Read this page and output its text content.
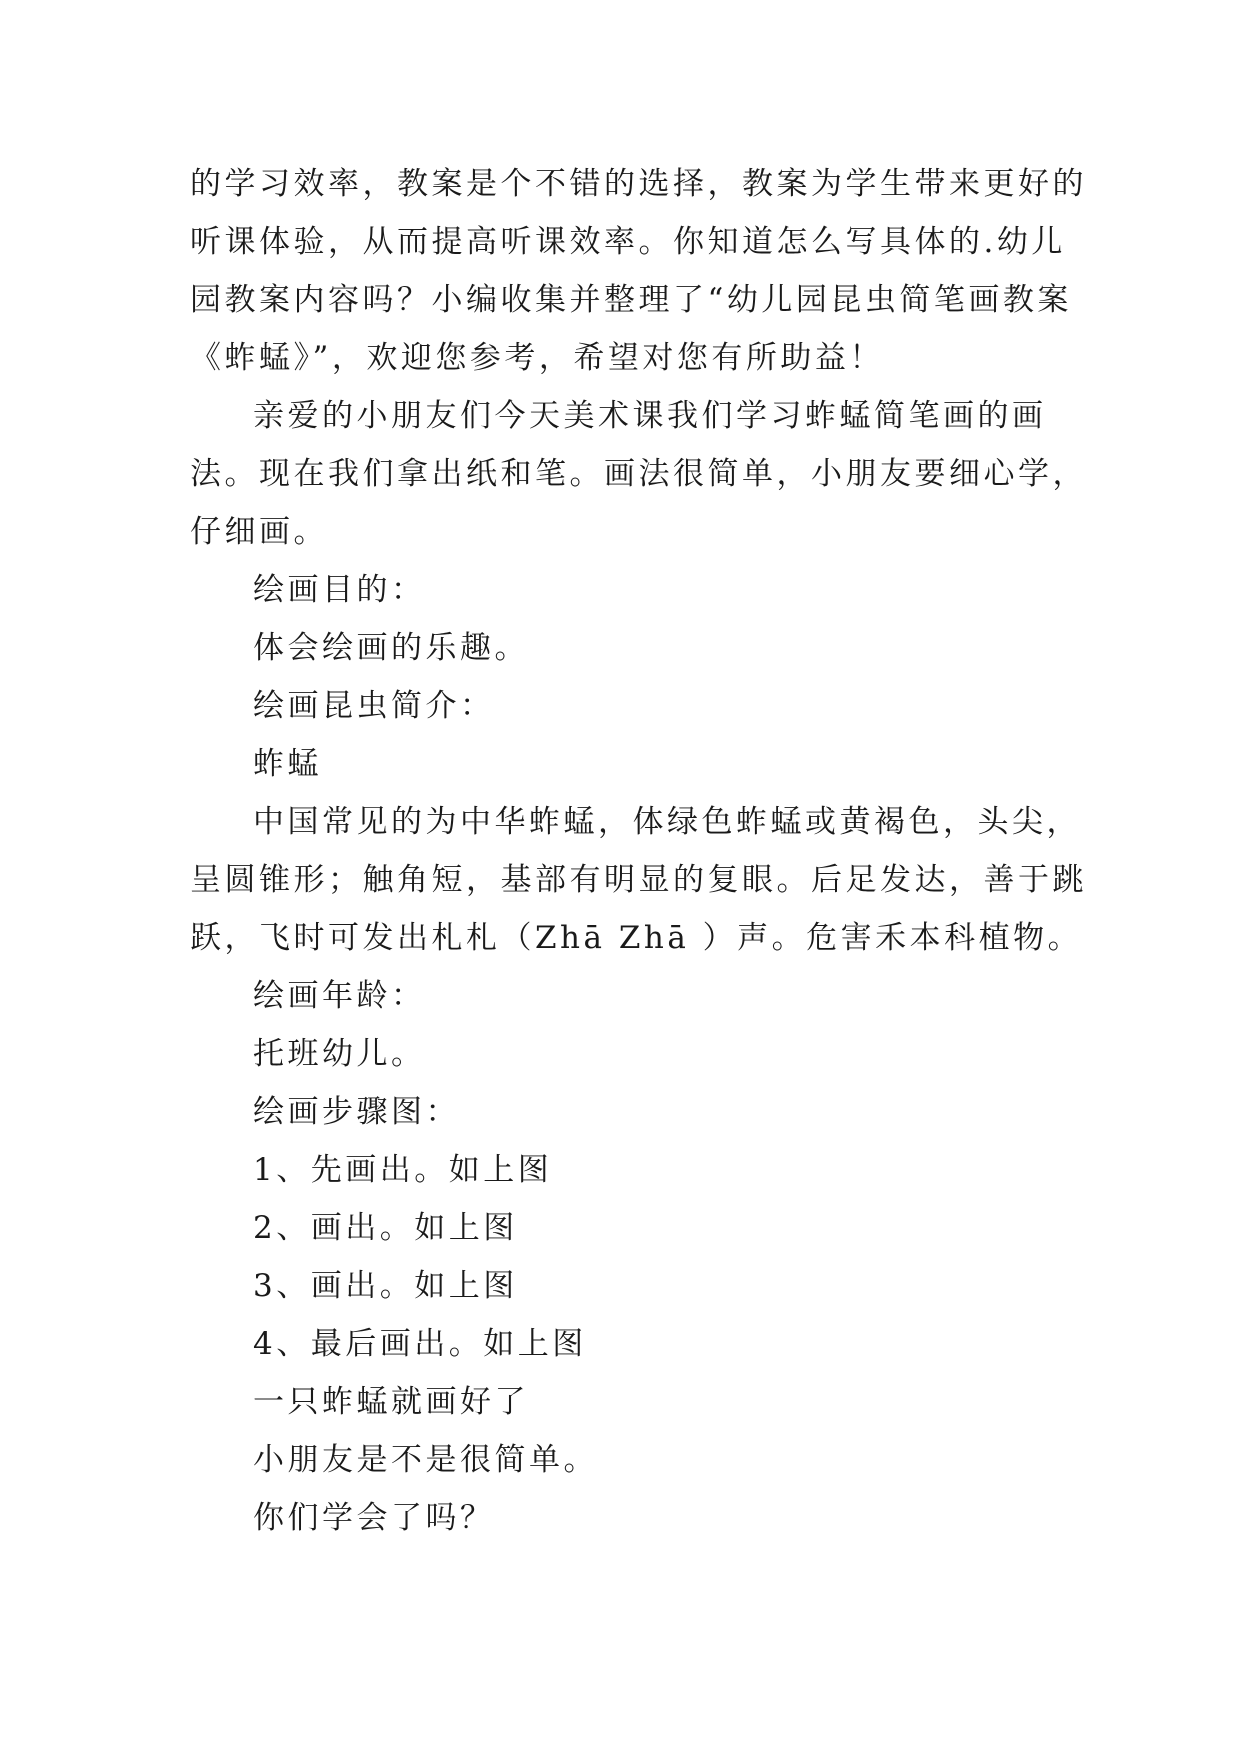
的学习效率，教案是个不错的选择，教案为学生带来更好的
听课体验，从而提高听课效率。你知道怎么写具体的.幼儿
园教案内容吗？小编收集并整理了“幼儿园昆虫简笔画教案
《蚱蜢》”，欢迎您参考，希望对您有所助益！
亲爱的小朋友们今天美术课我们学习蚱蜢简笔画的画
法。现在我们拿出纸和笔。画法很简单，小朋友要细心学，
仔细画。
绘画目的：
体会绘画的乐趣。
绘画昆虫简介：
蚱蜢
中国常见的为中华蚱蜢，体绿色蚱蜢或黄褐色，头尖，
呈圆锥形；触角短，基部有明显的复眼。后足发达，善于跳
跃，飞时可发出札札（Zhā Zhā ）声。危害禾本科植物。
绘画年龄：
托班幼儿。
绘画步骤图：
1、先画出。如上图
2、画出。如上图
3、画出。如上图
4、最后画出。如上图
一只蚱蜢就画好了
小朋友是不是很简单。
你们学会了吗？
